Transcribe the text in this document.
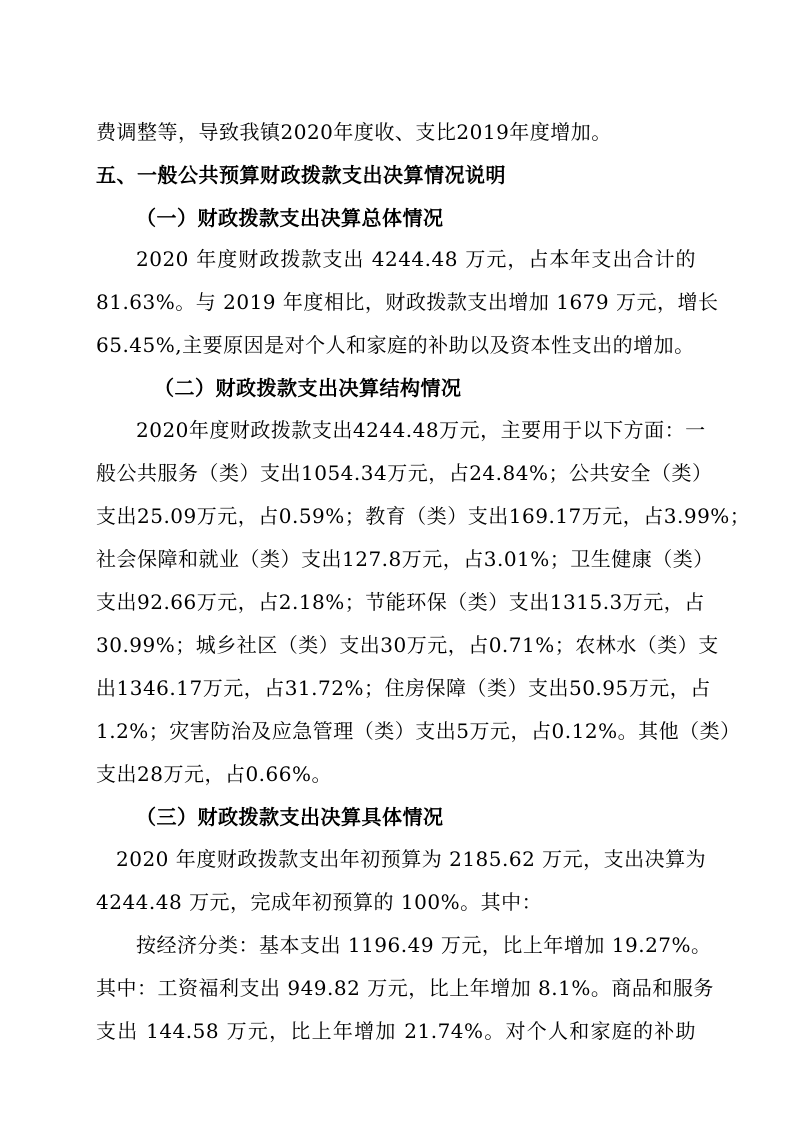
费调整等，导致我镇2020年度收、支比2019年度增加。
五、一般公共预算财政拨款支出决算情况说明
（一）财政拨款支出决算总体情况
2020 年度财政拨款支出 4244.48 万元，占本年支出合计的
81.63%。与 2019 年度相比，财政拨款支出增加 1679 万元，增长
65.45%,主要原因是对个人和家庭的补助以及资本性支出的增加。
（二）财政拨款支出决算结构情况
2020年度财政拨款支出4244.48万元，主要用于以下方面：一
般公共服务（类）支出1054.34万元，占24.84%；公共安全（类）
支出25.09万元，占0.59%；教育（类）支出169.17万元，占3.99%；
社会保障和就业（类）支出127.8万元，占3.01%；卫生健康（类）
支出92.66万元，占2.18%；节能环保（类）支出1315.3万元，占
30.99%；城乡社区（类）支出30万元，占0.71%；农林水（类）支
出1346.17万元，占31.72%；住房保障（类）支出50.95万元，占
1.2%；灾害防治及应急管理（类）支出5万元，占0.12%。其他（类）
支出28万元，占0.66%。
（三）财政拨款支出决算具体情况
2020 年度财政拨款支出年初预算为 2185.62 万元，支出决算为
4244.48 万元，完成年初预算的 100%。其中：
按经济分类：基本支出 1196.49 万元，比上年增加 19.27%。
其中：工资福利支出 949.82 万元，比上年增加 8.1%。商品和服务
支出 144.58 万元，比上年增加 21.74%。对个人和家庭的补助
